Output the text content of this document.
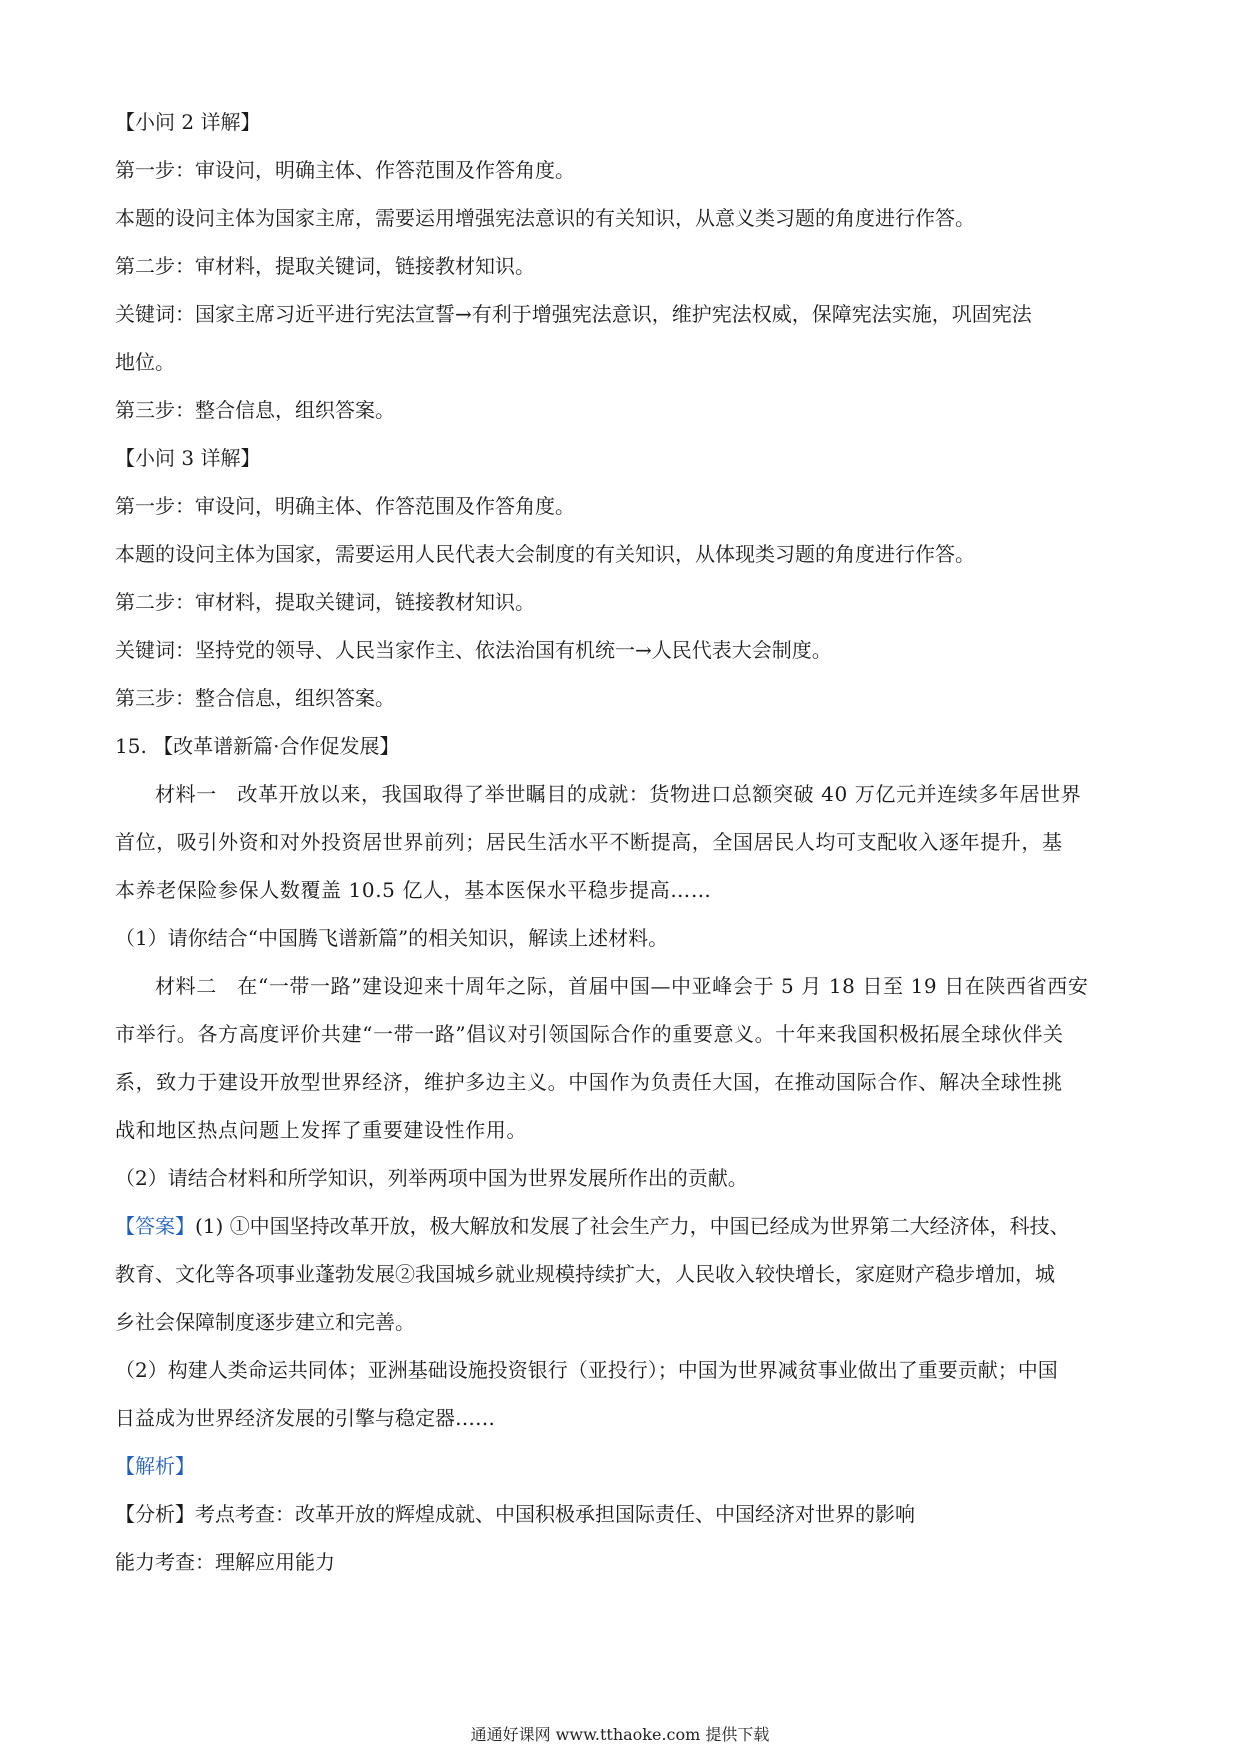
【小问 2 详解】
第一步：审设问，明确主体、作答范围及作答角度。
本题的设问主体为国家主席，需要运用增强宪法意识的有关知识，从意义类习题的角度进行作答。
第二步：审材料，提取关键词，链接教材知识。
关键词：国家主席习近平进行宪法宣誓→有利于增强宪法意识，维护宪法权威，保障宪法实施，巩固宪法
地位。
第三步：整合信息，组织答案。
【小问 3 详解】
第一步：审设问，明确主体、作答范围及作答角度。
本题的设问主体为国家，需要运用人民代表大会制度的有关知识，从体现类习题的角度进行作答。
第二步：审材料，提取关键词，链接教材知识。
关键词：坚持党的领导、人民当家作主、依法治国有机统一→人民代表大会制度。
第三步：整合信息，组织答案。
15. 【改革谱新篇·合作促发展】
材料一　改革开放以来，我国取得了举世瞩目的成就：货物进口总额突破 40 万亿元并连续多年居世界
首位，吸引外资和对外投资居世界前列；居民生活水平不断提高，全国居民人均可支配收入逐年提升，基
本养老保险参保人数覆盖 10.5 亿人，基本医保水平稳步提高……
（1）请你结合“中国腾飞谱新篇”的相关知识，解读上述材料。
材料二　在“一带一路”建设迎来十周年之际，首届中国—中亚峰会于 5 月 18 日至 19 日在陕西省西安
市举行。各方高度评价共建“一带一路”倡议对引领国际合作的重要意义。十年来我国积极拓展全球伙伴关
系，致力于建设开放型世界经济，维护多边主义。中国作为负责任大国，在推动国际合作、解决全球性挑
战和地区热点问题上发挥了重要建设性作用。
（2）请结合材料和所学知识，列举两项中国为世界发展所作出的贡献。
【答案】(1) ①中国坚持改革开放，极大解放和发展了社会生产力，中国已经成为世界第二大经济体，科技、
教育、文化等各项事业蓬勃发展②我国城乡就业规模持续扩大，人民收入较快增长，家庭财产稳步增加，城
乡社会保障制度逐步建立和完善。
（2）构建人类命运共同体；亚洲基础设施投资银行（亚投行）；中国为世界减贫事业做出了重要贡献；中国
日益成为世界经济发展的引擎与稳定器……
【解析】
【分析】考点考查：改革开放的辉煌成就、中国积极承担国际责任、中国经济对世界的影响
能力考查：理解应用能力
通通好课网 www.tthaoke.com 提供下载
